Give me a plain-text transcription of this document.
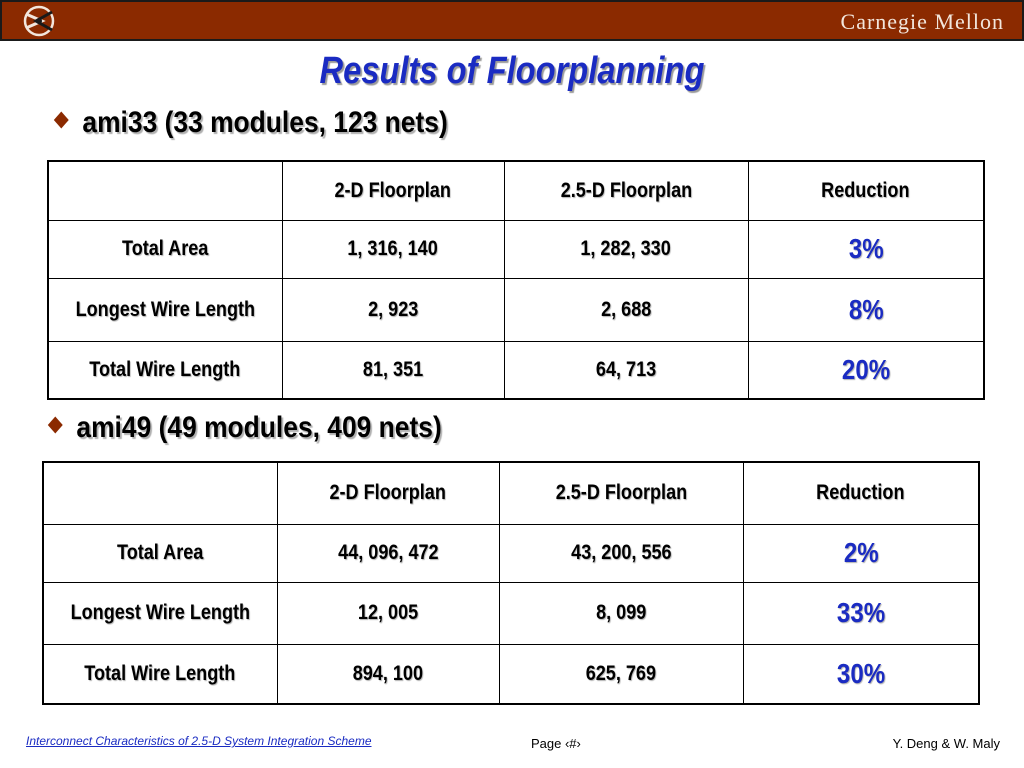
Carnegie Mellon
Results of Floorplanning
ami33 (33 modules, 123 nets)
	2-D Floorplan	2.5-D Floorplan	Reduction
Total Area	1, 316, 140	1, 282, 330	3%
Longest Wire Length	2, 923	2, 688	8%
Total Wire Length	81, 351	64, 713	20%
ami49 (49 modules, 409 nets)
	2-D Floorplan	2.5-D Floorplan	Reduction
Total Area	44, 096, 472	43, 200, 556	2%
Longest Wire Length	12, 005	8, 099	33%
Total Wire Length	894, 100	625, 769	30%
Interconnect Characteristics of 2.5-D System Integration Scheme	Page ‹#›	Y. Deng & W. Maly
